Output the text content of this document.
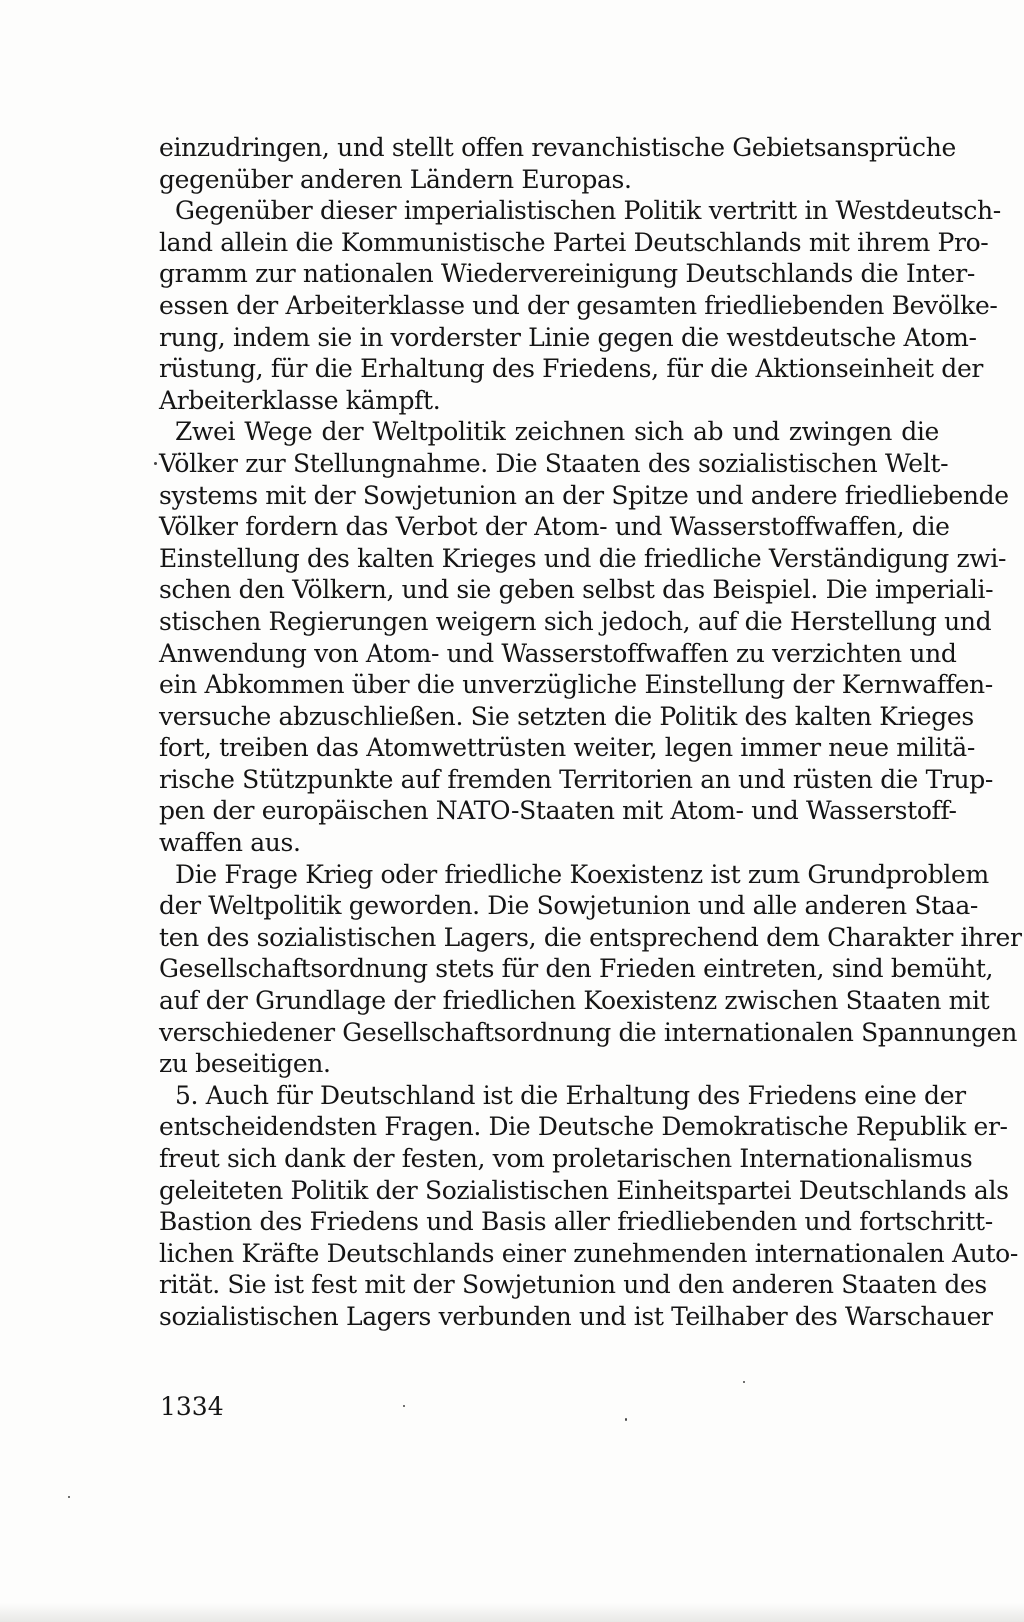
einzudringen, und stellt offen revanchistische Gebietsansprüche
gegenüber anderen Ländern Europas.
Gegenüber dieser imperialistischen Politik vertritt in Westdeutsch-
land allein die Kommunistische Partei Deutschlands mit ihrem Pro-
gramm zur nationalen Wiedervereinigung Deutschlands die Inter-
essen der Arbeiterklasse und der gesamten friedliebenden Bevölke-
rung, indem sie in vorderster Linie gegen die westdeutsche Atom-
rüstung, für die Erhaltung des Friedens, für die Aktionseinheit der
Arbeiterklasse kämpft.
Zwei Wege der Weltpolitik zeichnen sich ab und zwingen die
Völker zur Stellungnahme. Die Staaten des sozialistischen Welt-
systems mit der Sowjetunion an der Spitze und andere friedliebende
Völker fordern das Verbot der Atom- und Wasserstoffwaffen, die
Einstellung des kalten Krieges und die friedliche Verständigung zwi-
schen den Völkern, und sie geben selbst das Beispiel. Die imperiali-
stischen Regierungen weigern sich jedoch, auf die Herstellung und
Anwendung von Atom- und Wasserstoffwaffen zu verzichten und
ein Abkommen über die unverzügliche Einstellung der Kernwaffen-
versuche abzuschließen. Sie setzten die Politik des kalten Krieges
fort, treiben das Atomwettrüsten weiter, legen immer neue militä-
rische Stützpunkte auf fremden Territorien an und rüsten die Trup-
pen der europäischen NATO-Staaten mit Atom- und Wasserstoff-
waffen aus.
Die Frage Krieg oder friedliche Koexistenz ist zum Grundproblem
der Weltpolitik geworden. Die Sowjetunion und alle anderen Staa-
ten des sozialistischen Lagers, die entsprechend dem Charakter ihrer
Gesellschaftsordnung stets für den Frieden eintreten, sind bemüht,
auf der Grundlage der friedlichen Koexistenz zwischen Staaten mit
verschiedener Gesellschaftsordnung die internationalen Spannungen
zu beseitigen.
5. Auch für Deutschland ist die Erhaltung des Friedens eine der
entscheidendsten Fragen. Die Deutsche Demokratische Republik er-
freut sich dank der festen, vom proletarischen Internationalismus
geleiteten Politik der Sozialistischen Einheitspartei Deutschlands als
Bastion des Friedens und Basis aller friedliebenden und fortschritt-
lichen Kräfte Deutschlands einer zunehmenden internationalen Auto-
rität. Sie ist fest mit der Sowjetunion und den anderen Staaten des
sozialistischen Lagers verbunden und ist Teilhaber des Warschauer
1334
